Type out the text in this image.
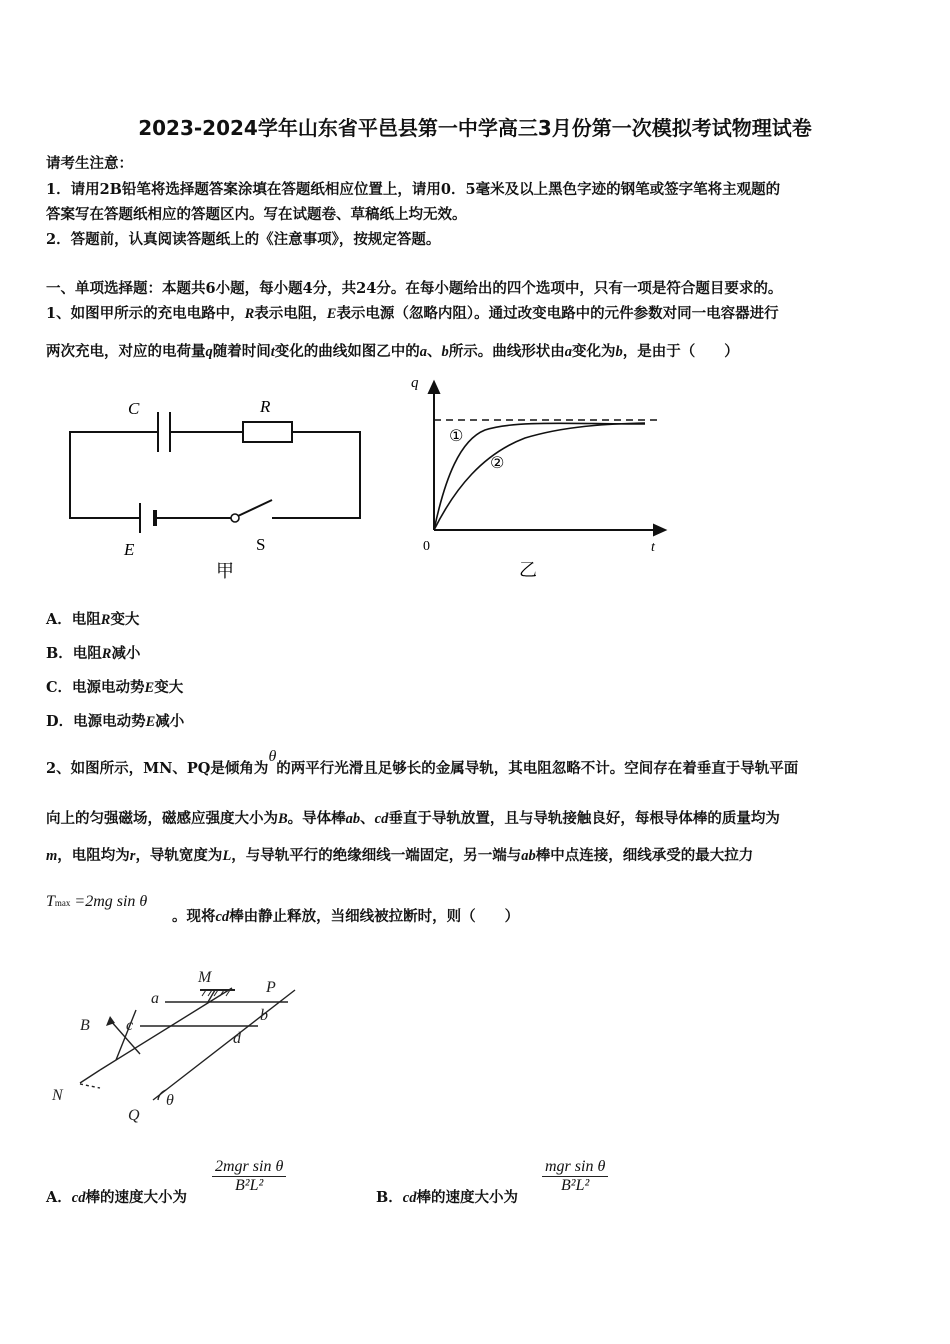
2023-2024学年山东省平邑县第一中学高三3月份第一次模拟考试物理试卷
请考生注意：
1．请用2B铅笔将选择题答案涂填在答题纸相应位置上，请用0．5毫米及以上黑色字迹的钢笔或签字笔将主观题的
答案写在答题纸相应的答题区内。写在试题卷、草稿纸上均无效。
2．答题前，认真阅读答题纸上的《注意事项》，按规定答题。
一、单项选择题：本题共6小题，每小题4分，共24分。在每小题给出的四个选项中，只有一项是符合题目要求的。
1、如图甲所示的充电电路中，R表示电阻，E表示电源（忽略内阻）。通过改变电路中的元件参数对同一电容器进行
两次充电，对应的电荷量q随着时间t变化的曲线如图乙中的a、b所示。曲线形状由a变化为b，是由于（　　）
C	R
E	S
甲
q
t
0
①
②
乙
A．电阻R变大
B．电阻R减小
C．电源电动势E变大
D．电源电动势E减小
2、如图所示，MN、PQ是倾角为θ的两平行光滑且足够长的金属导轨，其电阻忽略不计。空间存在着垂直于导轨平面
向上的匀强磁场，磁感应强度大小为B。导体棒ab、cd垂直于导轨放置，且与导轨接触良好，每根导体棒的质量均为
m，电阻均为r，导轨宽度为L，与导轨平行的绝缘细线一端固定，另一端与ab棒中点连接，细线承受的最大拉力
Tmax =2mg sin θ
。现将cd棒由静止释放，当细线被拉断时，则（　　）
M
P
a
b
B c
d
N
Q
θ
A．cd棒的速度大小为
2mgr sin θ
B²L²
B．cd棒的速度大小为
mgr sin θ
B²L²
